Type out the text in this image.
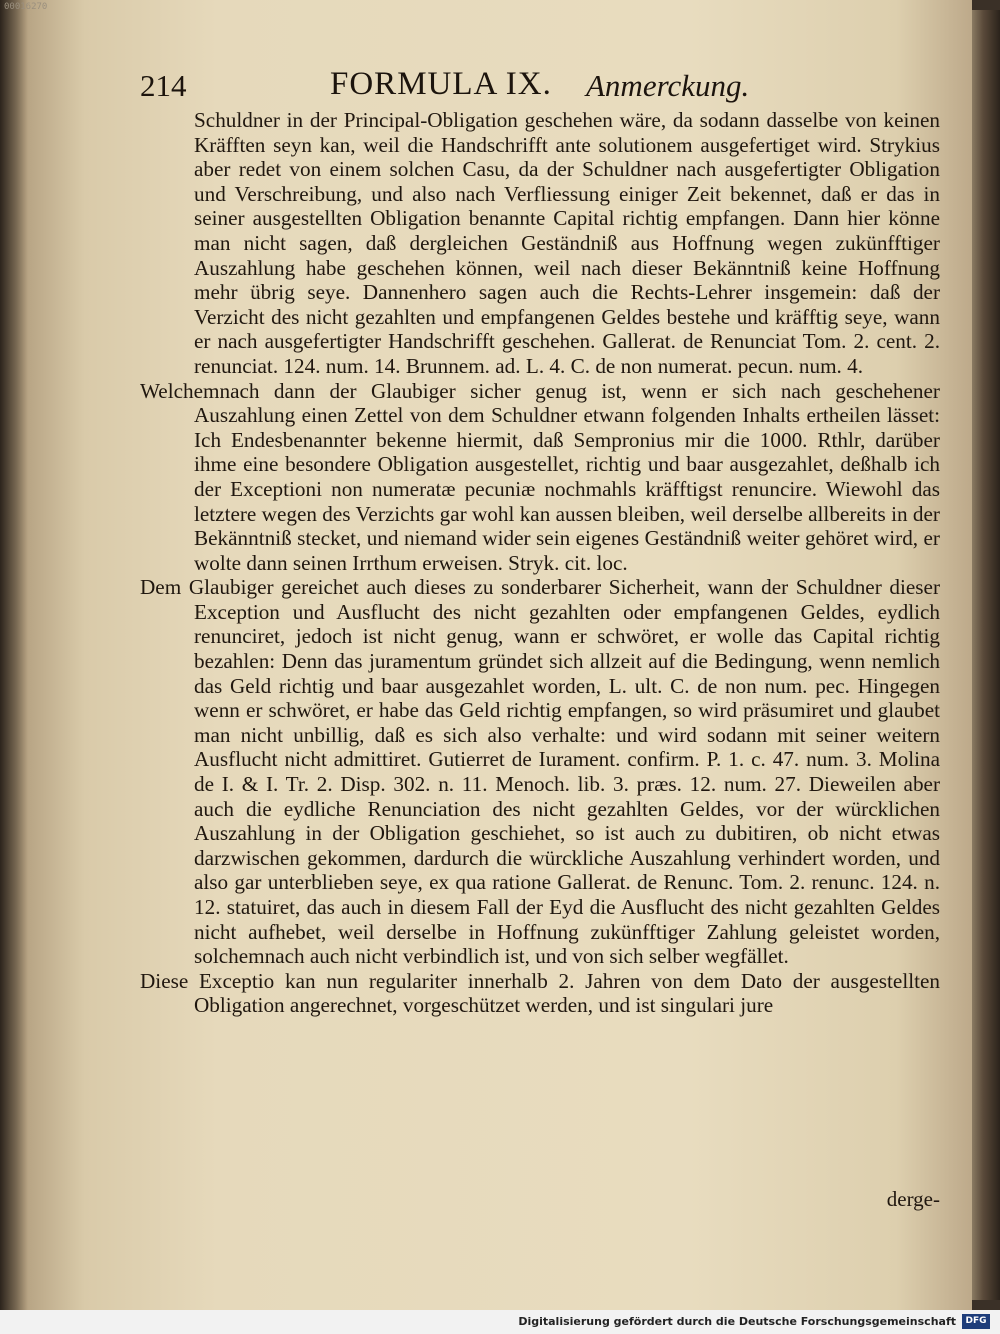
00016270
214	FORMULA IX. Anmerckung.

Schuldner in der Principal-Obligation geschehen wäre, da sodann dasselbe von keinen Kräfften seyn kan, weil die Handschrifft ante solutionem ausgefertiget wird. Strykius aber redet von einem solchen Casu, da der Schuldner nach ausgefertigter Obligation und Verschreibung, und also nach Verfliessung einiger Zeit bekennet, daß er das in seiner ausgestellten Obligation benannte Capital richtig empfangen. Dann hier könne man nicht sagen, daß dergleichen Geständniß aus Hoffnung wegen zukünfftiger Auszahlung habe geschehen können, weil nach dieser Bekänntniß keine Hoffnung mehr übrig seye. Dannenhero sagen auch die Rechts-Lehrer insgemein: daß der Verzicht des nicht gezahlten und empfangenen Geldes bestehe und kräfftig seye, wann er nach ausgefertigter Handschrifft geschehen. Gallerat. de Renunciat Tom. 2. cent. 2. renunciat. 124. num. 14. Brunnem. ad. L. 4. C. de non numerat. pecun. num. 4.

Welchemnach dann der Glaubiger sicher genug ist, wenn er sich nach geschehener Auszahlung einen Zettel von dem Schuldner etwann folgenden Inhalts ertheilen lässet: Ich Endesbenannter bekenne hiermit, daß Sempronius mir die 1000. Rthlr, darüber ihme eine besondere Obligation ausgestellet, richtig und baar ausgezahlet, deßhalb ich der Exceptioni non numeratæ pecuniæ nochmahls kräfftigst renuncire. Wiewohl das letztere wegen des Verzichts gar wohl kan aussen bleiben, weil derselbe allbereits in der Bekänntniß stecket, und niemand wider sein eigenes Geständniß weiter gehöret wird, er wolte dann seinen Irrthum erweisen. Stryk. cit. loc.

Dem Glaubiger gereichet auch dieses zu sonderbarer Sicherheit, wann der Schuldner dieser Exception und Ausflucht des nicht gezahlten oder empfangenen Geldes, eydlich renunciret, jedoch ist nicht genug, wann er schwöret, er wolle das Capital richtig bezahlen: Denn das juramentum gründet sich allzeit auf die Bedingung, wenn nemlich das Geld richtig und baar ausgezahlet worden, L. ult. C. de non num. pec. Hingegen wenn er schwöret, er habe das Geld richtig empfangen, so wird präsumiret und glaubet man nicht unbillig, daß es sich also verhalte: und wird sodann mit seiner weitern Ausflucht nicht admittiret. Gutierret de Iurament. confirm. P. 1. c. 47. num. 3. Molina de I. & I. Tr. 2. Disp. 302. n. 11. Menoch. lib. 3. præs. 12. num. 27. Dieweilen aber auch die eydliche Renunciation des nicht gezahlten Geldes, vor der würcklichen Auszahlung in der Obligation geschiehet, so ist auch zu dubitiren, ob nicht etwas darzwischen gekommen, dardurch die würckliche Auszahlung verhindert worden, und also gar unterblieben seye, ex qua ratione Gallerat. de Renunc. Tom. 2. renunc. 124. n. 12. statuiret, das auch in diesem Fall der Eyd die Ausflucht des nicht gezahlten Geldes nicht aufhebet, weil derselbe in Hoffnung zukünfftiger Zahlung geleistet worden, solchemnach auch nicht verbindlich ist, und von sich selber wegfället.

Diese Exceptio kan nun regulariter innerhalb 2. Jahren von dem Dato der ausgestellten Obligation angerechnet, vorgeschützet werden, und ist singulari jure

derge-
Digitalisierung gefördert durch die Deutsche Forschungsgemeinschaft	DFG
